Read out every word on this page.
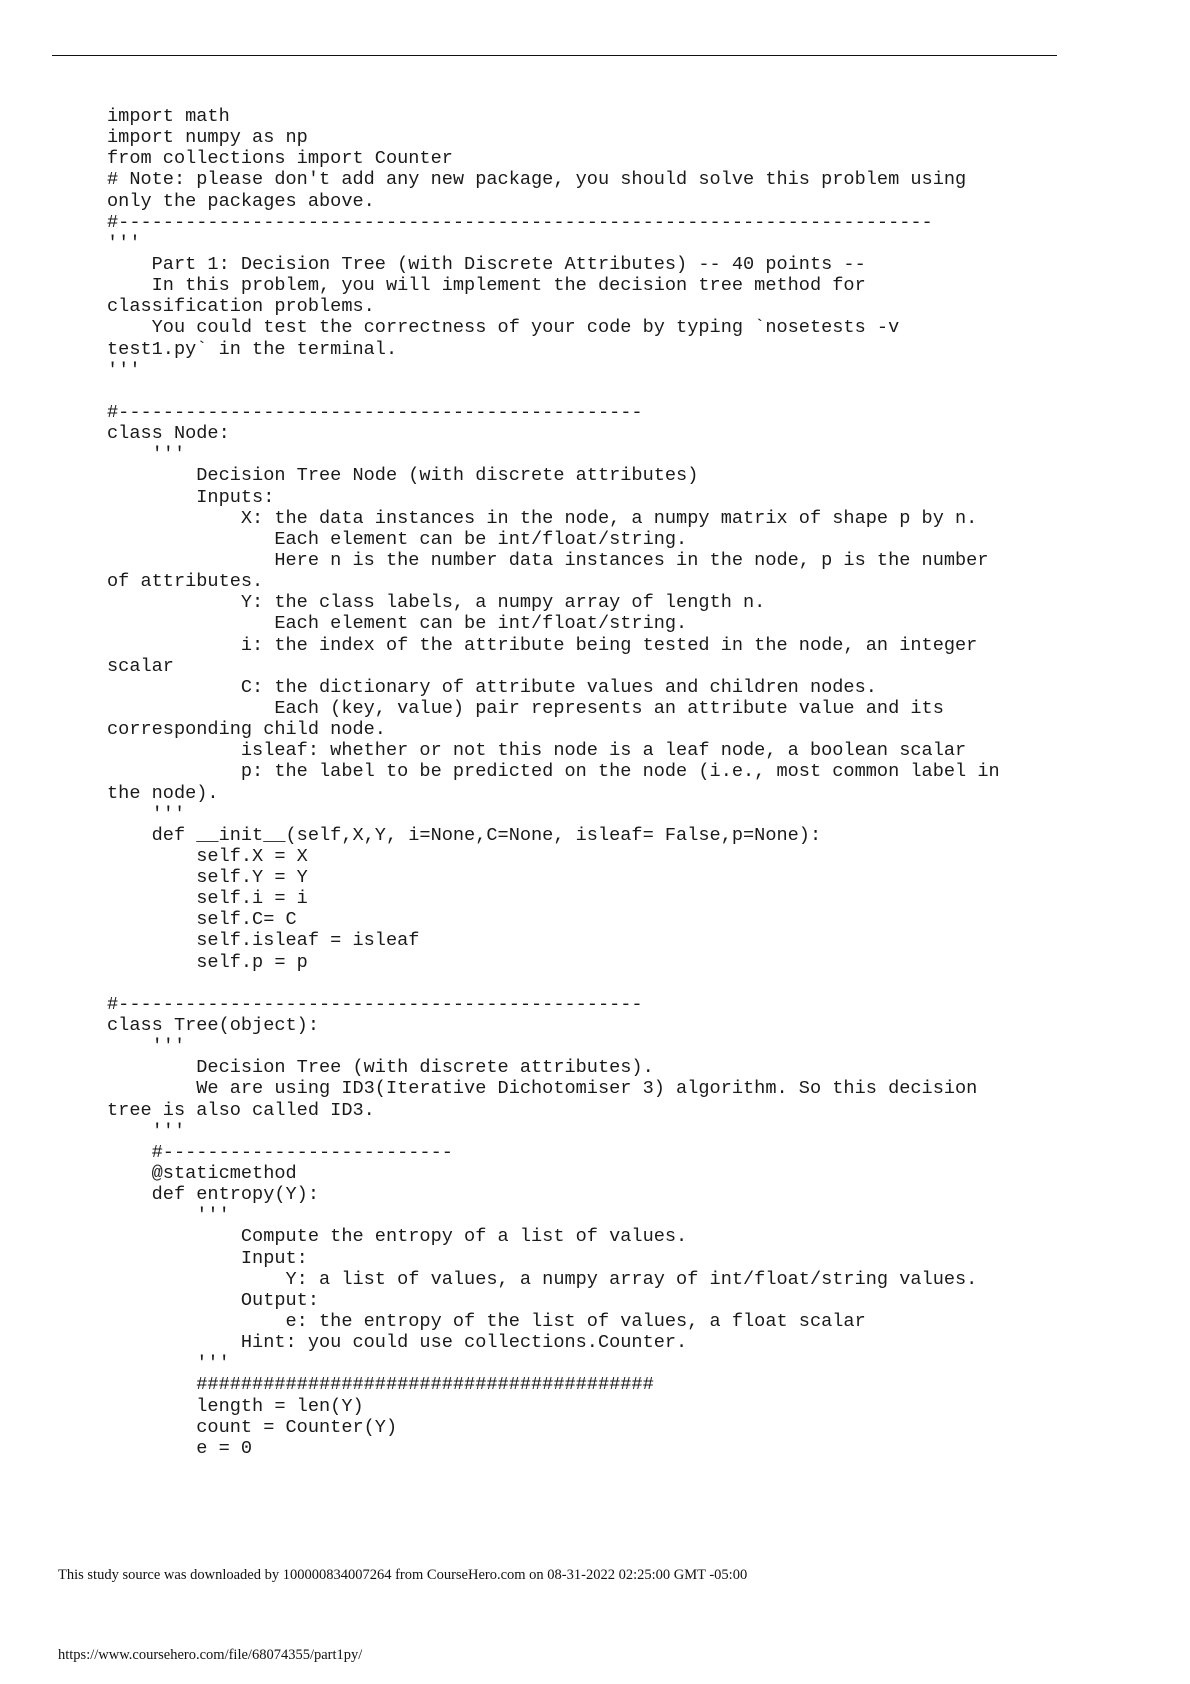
import math
import numpy as np
from collections import Counter
# Note: please don't add any new package, you should solve this problem using
only the packages above.
#-------------------------------------------------------------------------
'''
Part 1: Decision Tree (with Discrete Attributes) -- 40 points --
In this problem, you will implement the decision tree method for
classification problems.
You could test the correctness of your code by typing `nosetests -v
test1.py` in the terminal.
'''
#-----------------------------------------------
class Node:
'''
Decision Tree Node (with discrete attributes)
Inputs:
X: the data instances in the node, a numpy matrix of shape p by n.
Each element can be int/float/string.
Here n is the number data instances in the node, p is the number
of attributes.
Y: the class labels, a numpy array of length n.
Each element can be int/float/string.
i: the index of the attribute being tested in the node, an integer
scalar
C: the dictionary of attribute values and children nodes.
Each (key, value) pair represents an attribute value and its
corresponding child node.
isleaf: whether or not this node is a leaf node, a boolean scalar
p: the label to be predicted on the node (i.e., most common label in
the node).
'''
def __init__(self,X,Y, i=None,C=None, isleaf= False,p=None):
self.X = X
self.Y = Y
self.i = i
self.C= C
self.isleaf = isleaf
self.p = p
#-----------------------------------------------
class Tree(object):
'''
Decision Tree (with discrete attributes).
We are using ID3(Iterative Dichotomiser 3) algorithm. So this decision
tree is also called ID3.
'''
#--------------------------
@staticmethod
def entropy(Y):
'''
Compute the entropy of a list of values.
Input:
Y: a list of values, a numpy array of int/float/string values.
Output:
e: the entropy of the list of values, a float scalar
Hint: you could use collections.Counter.
'''
#########################################
length = len(Y)
count = Counter(Y)
e = 0
This study source was downloaded by 100000834007264 from CourseHero.com on 08-31-2022 02:25:00 GMT -05:00
https://www.coursehero.com/file/68074355/part1py/
